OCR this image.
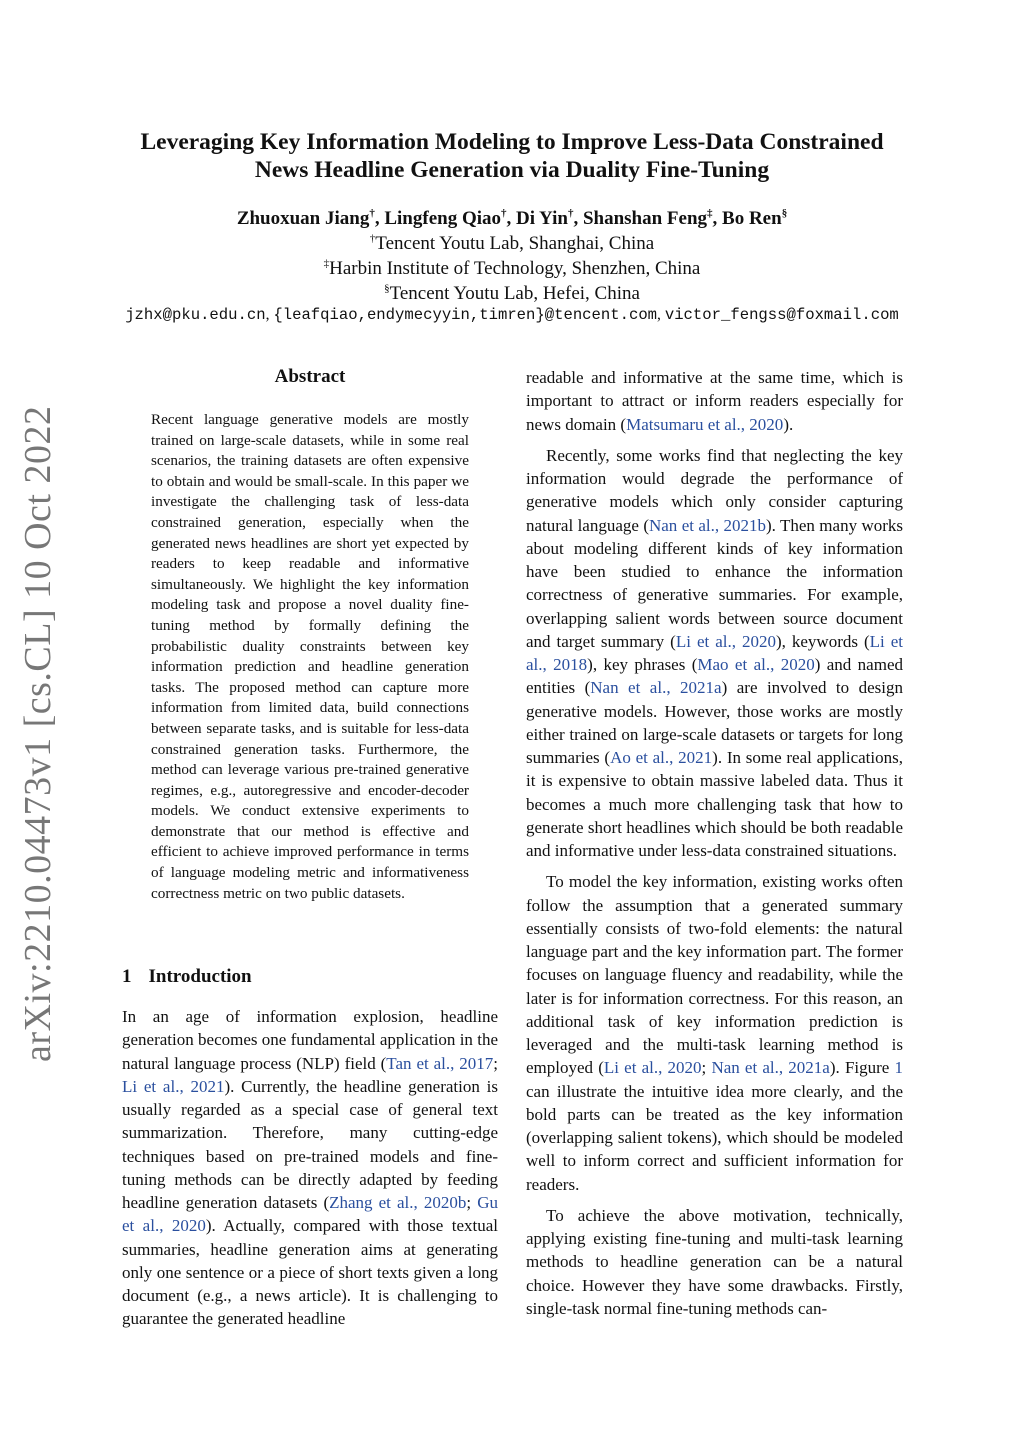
arXiv:2210.04473v1 [cs.CL] 10 Oct 2022
Leveraging Key Information Modeling to Improve Less-Data Constrained
News Headline Generation via Duality Fine-Tuning
Zhuoxuan Jiang†, Lingfeng Qiao†, Di Yin†, Shanshan Feng‡, Bo Ren§
†Tencent Youtu Lab, Shanghai, China
‡Harbin Institute of Technology, Shenzhen, China
§Tencent Youtu Lab, Hefei, China
jzhx@pku.edu.cn, {leafqiao,endymecyyin,timren}@tencent.com, victor_fengss@foxmail.com
Abstract
Recent language generative models are mostly trained on large-scale datasets, while in some real scenarios, the training datasets are often expensive to obtain and would be small-scale. In this paper we investigate the challenging task of less-data constrained generation, especially when the generated news headlines are short yet expected by readers to keep readable and informative simultaneously. We highlight the key information modeling task and propose a novel duality fine-tuning method by formally defining the probabilistic duality constraints between key information prediction and headline generation tasks. The proposed method can capture more information from limited data, build connections between separate tasks, and is suitable for less-data constrained generation tasks. Furthermore, the method can leverage various pre-trained generative regimes, e.g., autoregressive and encoder-decoder models. We conduct extensive experiments to demonstrate that our method is effective and efficient to achieve improved performance in terms of language modeling metric and informativeness correctness metric on two public datasets.
1 Introduction

In an age of information explosion, headline generation becomes one fundamental application in the natural language process (NLP) field (Tan et al., 2017; Li et al., 2021). Currently, the headline generation is usually regarded as a special case of general text summarization. Therefore, many cutting-edge techniques based on pre-trained models and fine-tuning methods can be directly adapted by feeding headline generation datasets (Zhang et al., 2020b; Gu et al., 2020). Actually, compared with those textual summaries, headline generation aims at generating only one sentence or a piece of short texts given a long document (e.g., a news article). It is challenging to guarantee the generated headline

readable and informative at the same time, which is important to attract or inform readers especially for news domain (Matsumaru et al., 2020).

Recently, some works find that neglecting the key information would degrade the performance of generative models which only consider capturing natural language (Nan et al., 2021b). Then many works about modeling different kinds of key information have been studied to enhance the information correctness of generative summaries. For example, overlapping salient words between source document and target summary (Li et al., 2020), keywords (Li et al., 2018), key phrases (Mao et al., 2020) and named entities (Nan et al., 2021a) are involved to design generative models. However, those works are mostly either trained on large-scale datasets or targets for long summaries (Ao et al., 2021). In some real applications, it is expensive to obtain massive labeled data. Thus it becomes a much more challenging task that how to generate short headlines which should be both readable and informative under less-data constrained situations.

To model the key information, existing works often follow the assumption that a generated summary essentially consists of two-fold elements: the natural language part and the key information part. The former focuses on language fluency and readability, while the later is for information correctness. For this reason, an additional task of key information prediction is leveraged and the multi-task learning method is employed (Li et al., 2020; Nan et al., 2021a). Figure 1 can illustrate the intuitive idea more clearly, and the bold parts can be treated as the key information (overlapping salient tokens), which should be modeled well to inform correct and sufficient information for readers.

To achieve the above motivation, technically, applying existing fine-tuning and multi-task learning methods to headline generation can be a natural choice. However they have some drawbacks. Firstly, single-task normal fine-tuning methods can-
